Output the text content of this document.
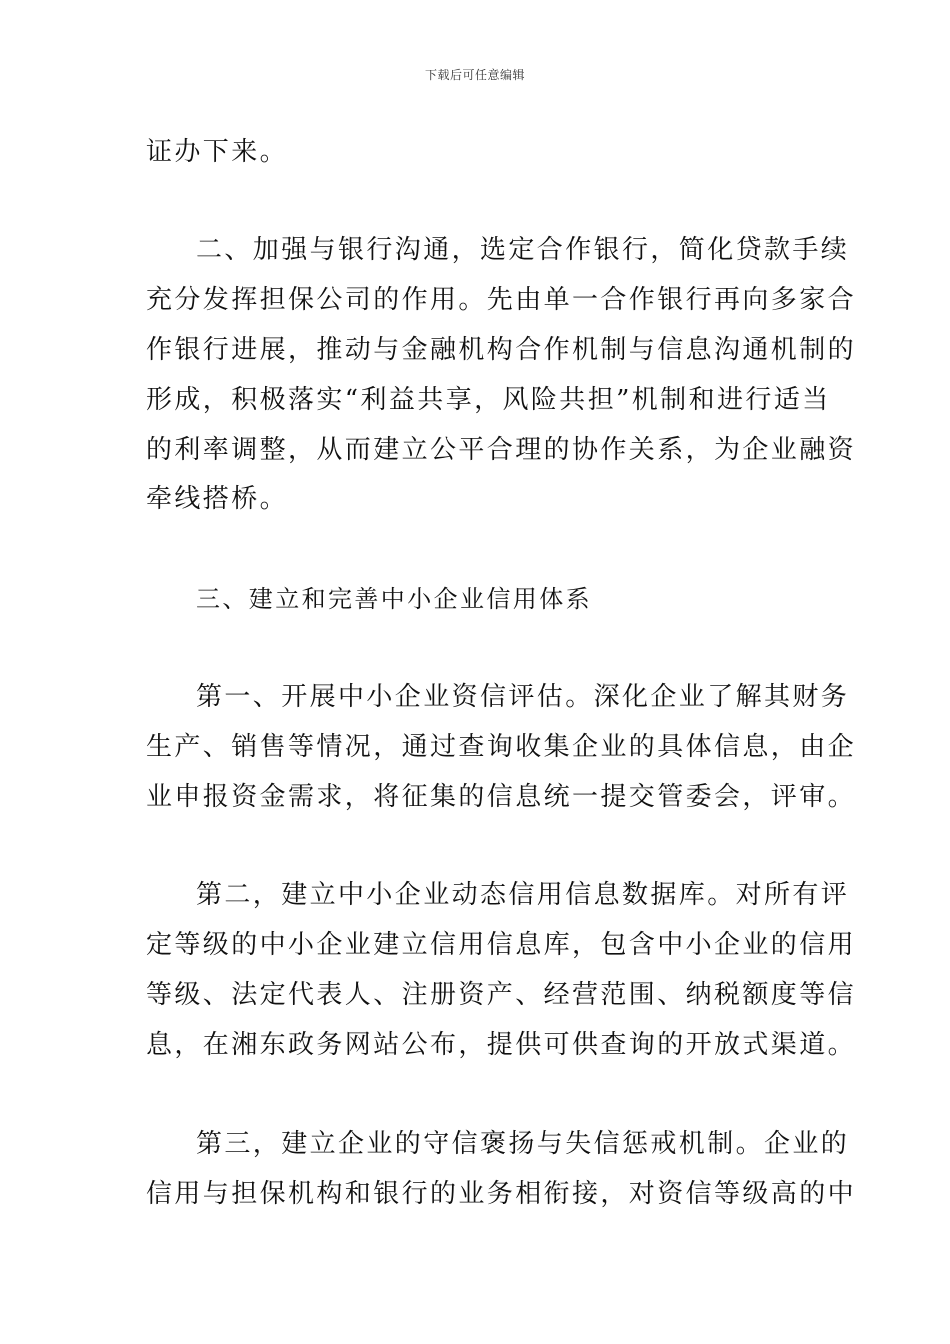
下载后可任意编辑
证办下来。
二、加强与银行沟通，选定合作银行，简化贷款手续
充分发挥担保公司的作用。先由单一合作银行再向多家合
作银行进展，推动与金融机构合作机制与信息沟通机制的
形成，积极落实“利益共享，风险共担”机制和进行适当
的利率调整，从而建立公平合理的协作关系，为企业融资
牵线搭桥。
三、建立和完善中小企业信用体系
第一、开展中小企业资信评估。深化企业了解其财务
生产、销售等情况，通过查询收集企业的具体信息，由企
业申报资金需求，将征集的信息统一提交管委会，评审。
第二，建立中小企业动态信用信息数据库。对所有评
定等级的中小企业建立信用信息库，包含中小企业的信用
等级、法定代表人、注册资产、经营范围、纳税额度等信
息，在湘东政务网站公布，提供可供查询的开放式渠道。
第三，建立企业的守信褒扬与失信惩戒机制。企业的
信用与担保机构和银行的业务相衔接，对资信等级高的中
